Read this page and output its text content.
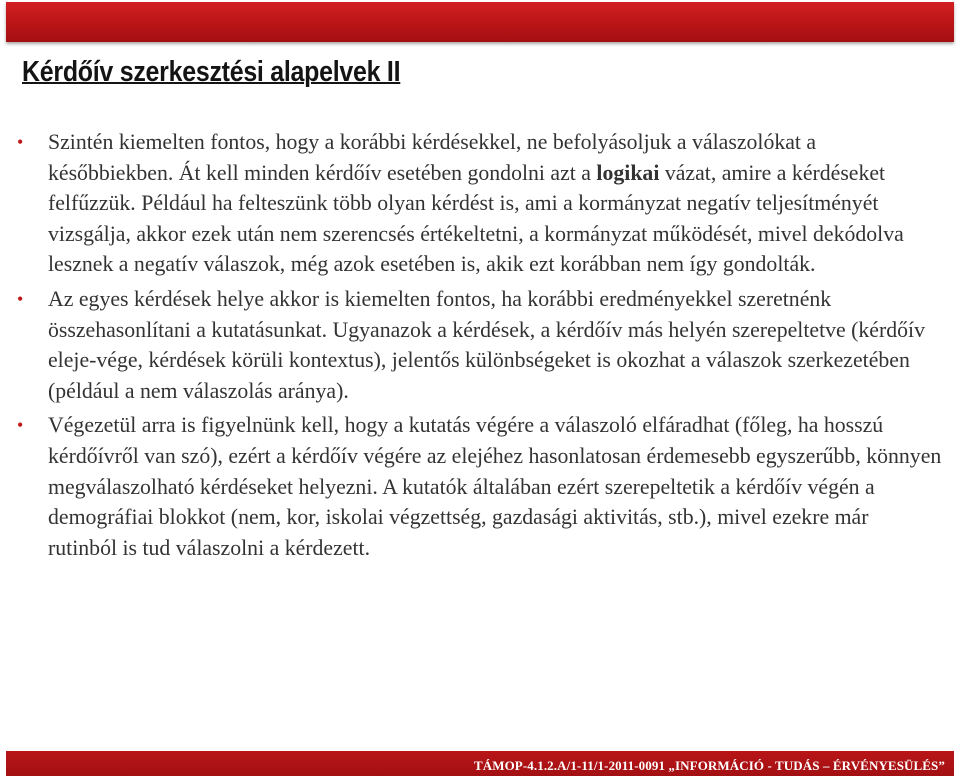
Kérdőív szerkesztési alapelvek II
• Szintén kiemelten fontos, hogy a korábbi kérdésekkel, ne befolyásoljuk a válaszolókat a későbbiekben. Át kell minden kérdőív esetében gondolni azt a logikai vázat, amire a kérdéseket felfűzzük. Például ha felteszünk több olyan kérdést is, ami a kormányzat negatív teljesítményét vizsgálja, akkor ezek után nem szerencsés értékeltetni, a kormányzat működését, mivel dekódolva lesznek a negatív válaszok, még azok esetében is, akik ezt korábban nem így gondolták.
• Az egyes kérdések helye akkor is kiemelten fontos, ha korábbi eredményekkel szeretnénk összehasonlítani a kutatásunkat. Ugyanazok a kérdések, a kérdőív más helyén szerepeltetve (kérdőív eleje-vége, kérdések körüli kontextus), jelentős különbségeket is okozhat a válaszok szerkezetében (például a nem válaszolás aránya).
• Végezetül arra is figyelnünk kell, hogy a kutatás végére a válaszoló elfáradhat (főleg, ha hosszú kérdőívről van szó), ezért a kérdőív végére az elejéhez hasonlatosan érdemesebb egyszerűbb, könnyen megválaszolható kérdéseket helyezni. A kutatók általában ezért szerepeltetik a kérdőív végén a demográfiai blokkot (nem, kor, iskolai végzettség, gazdasági aktivitás, stb.), mivel ezekre már rutinból is tud válaszolni a kérdezett.
TÁMOP-4.1.2.A/1-11/1-2011-0091 „INFORMÁCIÓ - TUDÁS – ÉRVÉNYESÜLÉS”
